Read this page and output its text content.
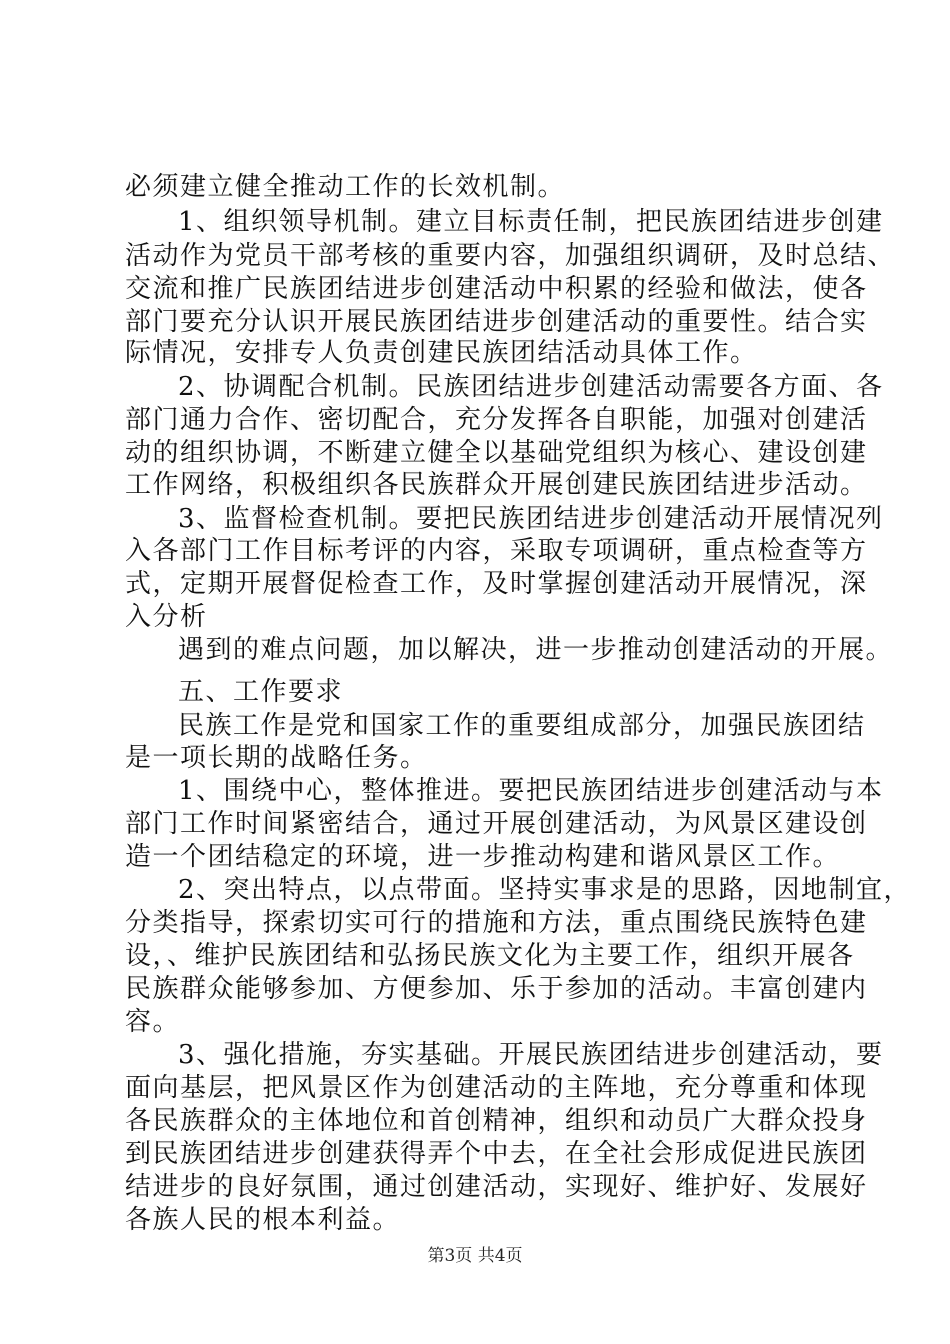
必须建立健全推动工作的长效机制。
1、组织领导机制。建立目标责任制，把民族团结进步创建
活动作为党员干部考核的重要内容，加强组织调研，及时总结、
交流和推广民族团结进步创建活动中积累的经验和做法，使各
部门要充分认识开展民族团结进步创建活动的重要性。结合实
际情况，安排专人负责创建民族团结活动具体工作。
2、协调配合机制。民族团结进步创建活动需要各方面、各
部门通力合作、密切配合，充分发挥各自职能，加强对创建活
动的组织协调，不断建立健全以基础党组织为核心、建设创建
工作网络，积极组织各民族群众开展创建民族团结进步活动。
3、监督检查机制。要把民族团结进步创建活动开展情况列
入各部门工作目标考评的内容，采取专项调研，重点检查等方
式，定期开展督促检查工作，及时掌握创建活动开展情况，深
入分析
遇到的难点问题，加以解决，进一步推动创建活动的开展。
五、工作要求
民族工作是党和国家工作的重要组成部分，加强民族团结
是一项长期的战略任务。
1、围绕中心，整体推进。要把民族团结进步创建活动与本
部门工作时间紧密结合，通过开展创建活动，为风景区建设创
造一个团结稳定的环境，进一步推动构建和谐风景区工作。
2、突出特点，以点带面。坚持实事求是的思路，因地制宜，
分类指导，探索切实可行的措施和方法，重点围绕民族特色建
设，、维护民族团结和弘扬民族文化为主要工作，组织开展各
民族群众能够参加、方便参加、乐于参加的活动。丰富创建内
容。
3、强化措施，夯实基础。开展民族团结进步创建活动，要
面向基层，把风景区作为创建活动的主阵地，充分尊重和体现
各民族群众的主体地位和首创精神，组织和动员广大群众投身
到民族团结进步创建获得弄个中去，在全社会形成促进民族团
结进步的良好氛围，通过创建活动，实现好、维护好、发展好
各族人民的根本利益。
第3页 共4页
